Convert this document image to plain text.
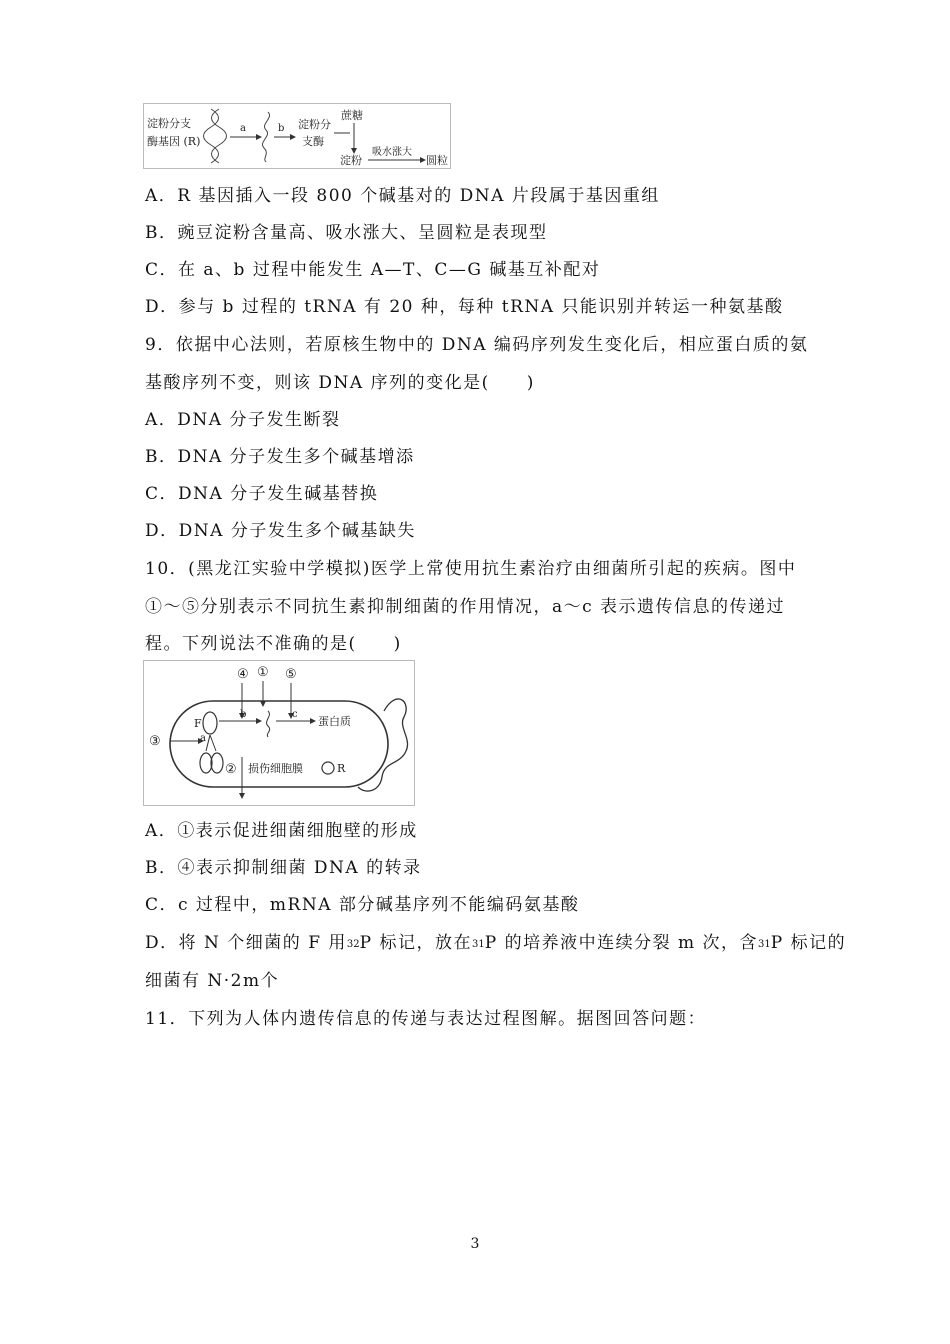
淀粉分支
酶基因 (R)
a	b 淀粉分
支酶
蔗糖
淀粉
吸水涨大
圆粒
A．R 基因插入一段 800 个碱基对的 DNA 片段属于基因重组
B．豌豆淀粉含量高、吸水涨大、呈圆粒是表现型
C．在 a、b 过程中能发生 A—T、C—G 碱基互补配对
D．参与 b 过程的 tRNA 有 20 种，每种 tRNA 只能识别并转运一种氨基酸
9．依据中心法则，若原核生物中的 DNA 编码序列发生变化后，相应蛋白质的氨
基酸序列不变，则该 DNA 序列的变化是(　　)
A．DNA 分子发生断裂
B．DNA 分子发生多个碱基增添
C．DNA 分子发生碱基替换
D．DNA 分子发生多个碱基缺失
10．(黑龙江实验中学模拟)医学上常使用抗生素治疗由细菌所引起的疾病。图中
①～⑤分别表示不同抗生素抑制细菌的作用情况，a～c 表示遗传信息的传递过
程。下列说法不准确的是(　　)
④ ① ⑤
③
②
F
b	c
蛋白质
a
损伤细胞膜	R
A．①表示促进细菌细胞壁的形成
B．④表示抑制细菌 DNA 的转录
C．c 过程中，mRNA 部分碱基序列不能编码氨基酸
D．将 N 个细菌的 F 用32P 标记，放在31P 的培养液中连续分裂 m 次，含31P 标记的
细菌有 N·2m个
11．下列为人体内遗传信息的传递与表达过程图解。据图回答问题：
3
